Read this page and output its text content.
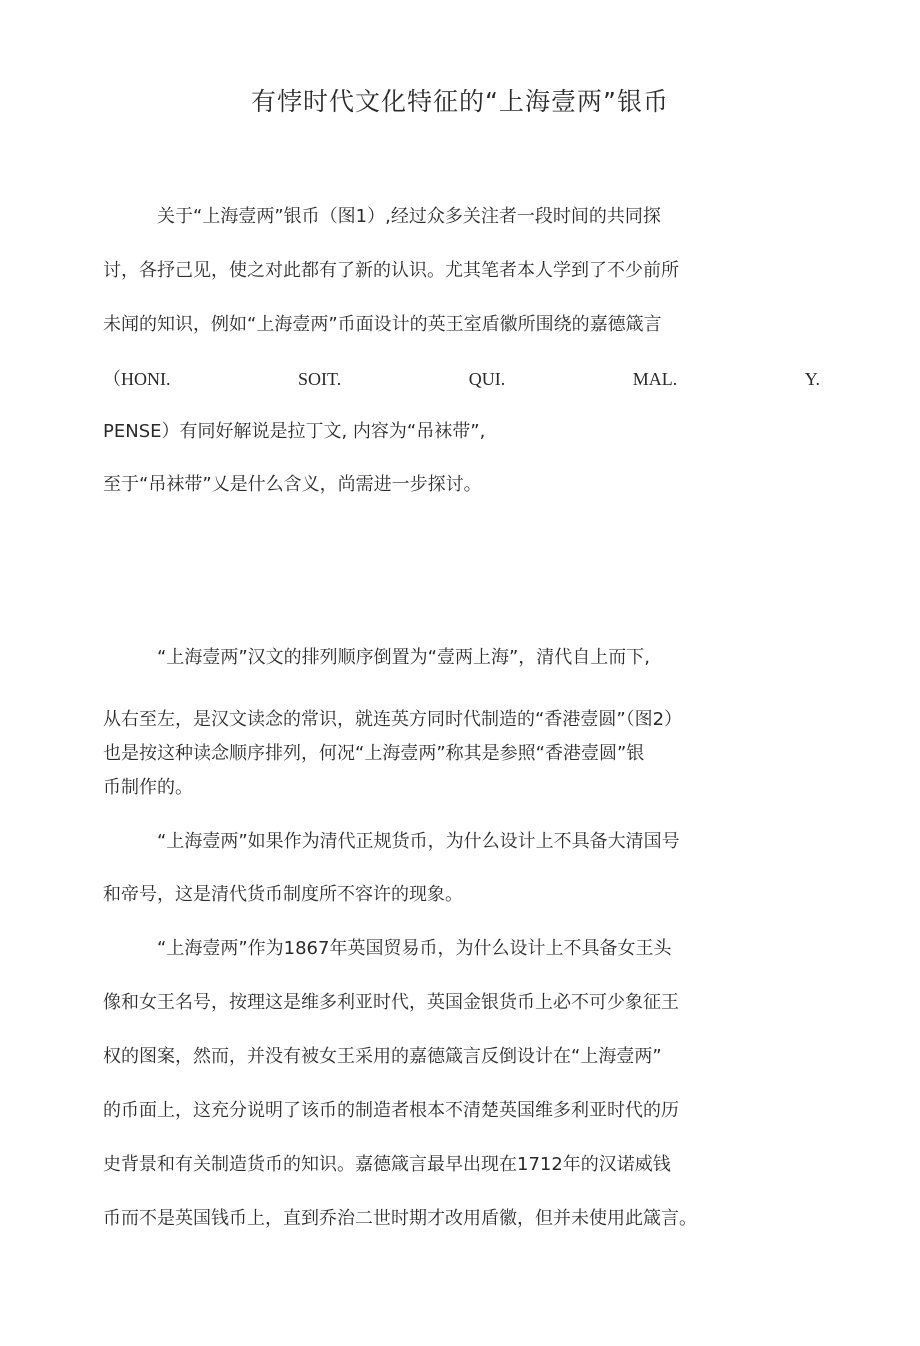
有悖时代文化特征的“上海壹两”银币
关于“上海壹两”银币（图1）,经过众多关注者一段时间的共同探
讨，各抒己见，使之对此都有了新的认识。尤其笔者本人学到了不少前所
未闻的知识，例如“上海壹两”币面设计的英王室盾徽所围绕的嘉德箴言
（HONI.	SOIT.	QUI.	MAL.	Y.
PENSE）有同好解说是拉丁文, 内容为“吊袜带”,
至于“吊袜带”乂是什么含义，尚需进一步探讨。
“上海壹两”汉文的排列顺序倒置为“壹两上海”，清代自上而下,
从右至左，是汉文读念的常识，就连英方同时代制造的“香港壹圆”（图2）
也是按这种读念顺序排列，何况“上海壹两”称其是参照“香港壹圆”银
币制作的。
“上海壹两”如果作为清代正规货币，为什么设计上不具备大清国号
和帝号，这是清代货币制度所不容许的现象。
“上海壹两”作为1867年英国贸易币，为什么设计上不具备女王头
像和女王名号，按理这是维多利亚时代，英国金银货币上必不可少象征王
权的图案，然而，并没有被女王采用的嘉德箴言反倒设计在“上海壹两”
的币面上，这充分说明了该币的制造者根本不清楚英国维多利亚时代的历
史背景和有关制造货币的知识。嘉德箴言最早出现在1712年的汉诺威钱
币而不是英国钱币上，直到乔治二世时期才改用盾徽，但并未使用此箴言。
